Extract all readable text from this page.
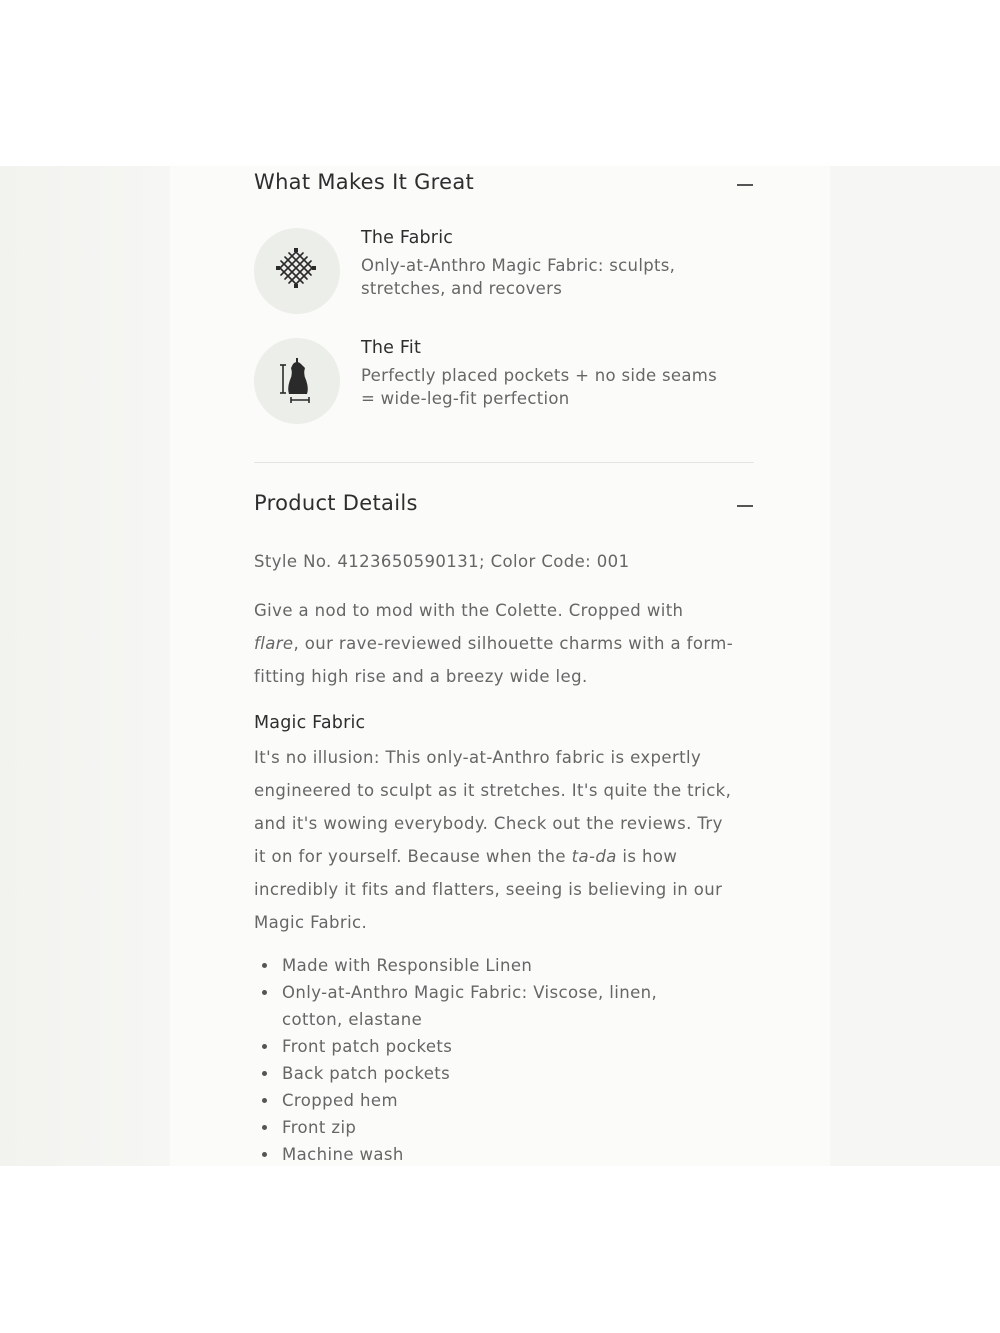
What Makes It Great
The Fabric
Only-at-Anthro Magic Fabric: sculpts,
stretches, and recovers
The Fit
Perfectly placed pockets + no side seams
= wide-leg-fit perfection
Product Details
Style No. 4123650590131; Color Code: 001
Give a nod to mod with the Colette. Cropped with
flare, our rave-reviewed silhouette charms with a form-
fitting high rise and a breezy wide leg.
Magic Fabric
It's no illusion: This only-at-Anthro fabric is expertly
engineered to sculpt as it stretches. It's quite the trick,
and it's wowing everybody. Check out the reviews. Try
it on for yourself. Because when the ta-da is how
incredibly it fits and flatters, seeing is believing in our
Magic Fabric.
Made with Responsible Linen
Only-at-Anthro Magic Fabric: Viscose, linen,
cotton, elastane
Front patch pockets
Back patch pockets
Cropped hem
Front zip
Machine wash
